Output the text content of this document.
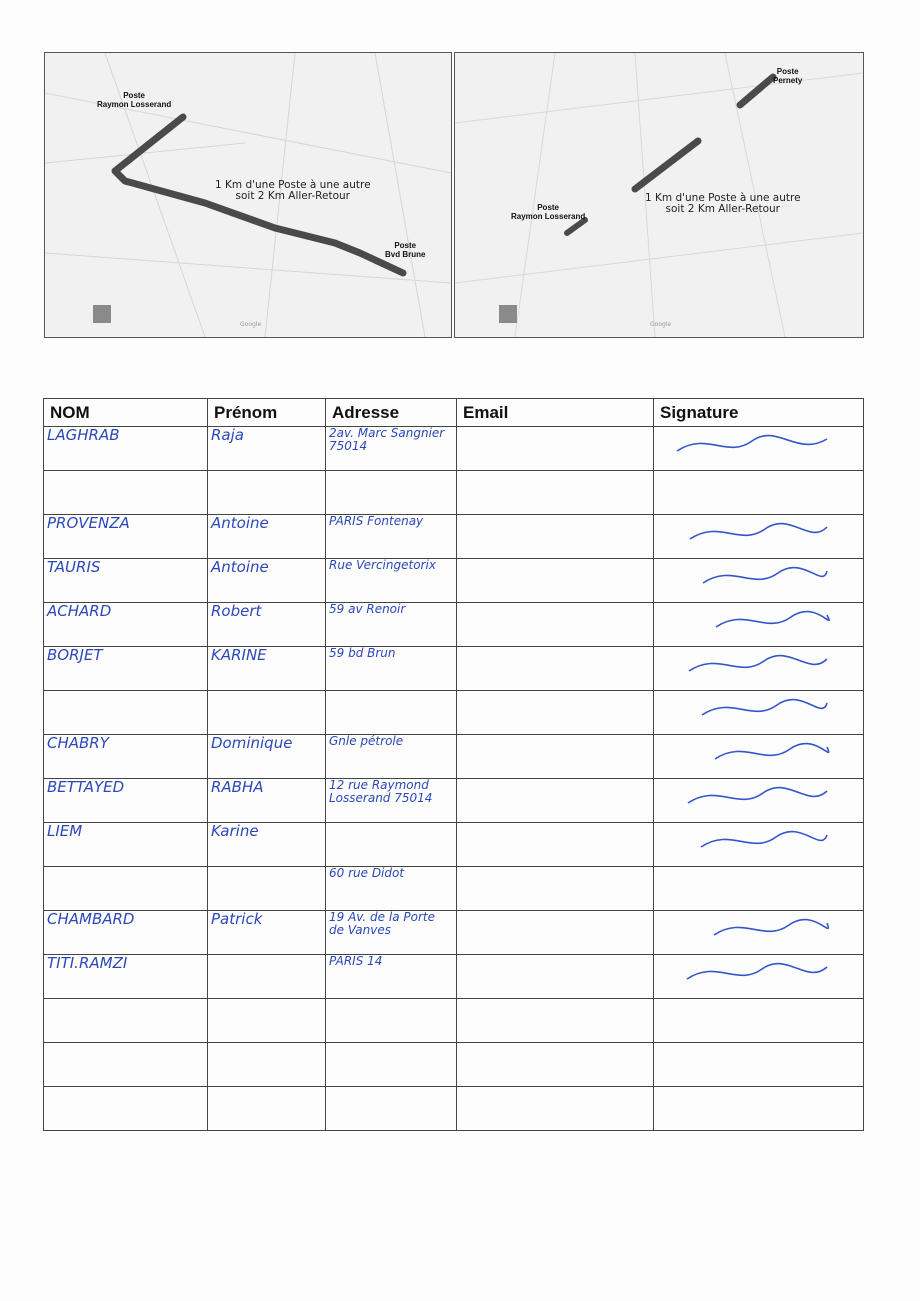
Poste
Raymon Losserand
Poste
Bvd Brune
1 Km d'une Poste à une autre
soit 2 Km Aller-Retour
Google
Poste
Pernety
Poste
Raymon Losserand
1 Km d'une Poste à une autre
soit 2 Km Aller-Retour
Google
NOM	Prénom	Adresse	Email	Signature
LAGHRAB	Raja	2av. Marc Sangnier 75014		

PROVENZA	Antoine	PARIS Fontenay		
TAURIS	Antoine	Rue Vercingetorix		
ACHARD	Robert	59 av Renoir		
BORJET	KARINE	59 bd Brun		

CHABRY	Dominique	Gnle pétrole		
BETTAYED	RABHA	12 rue Raymond Losserand 75014		
LIEM	Karine			
		60 rue Didot		
CHAMBARD	Patrick	19 Av. de la Porte de Vanves		
TITI.RAMZI		PARIS 14		
